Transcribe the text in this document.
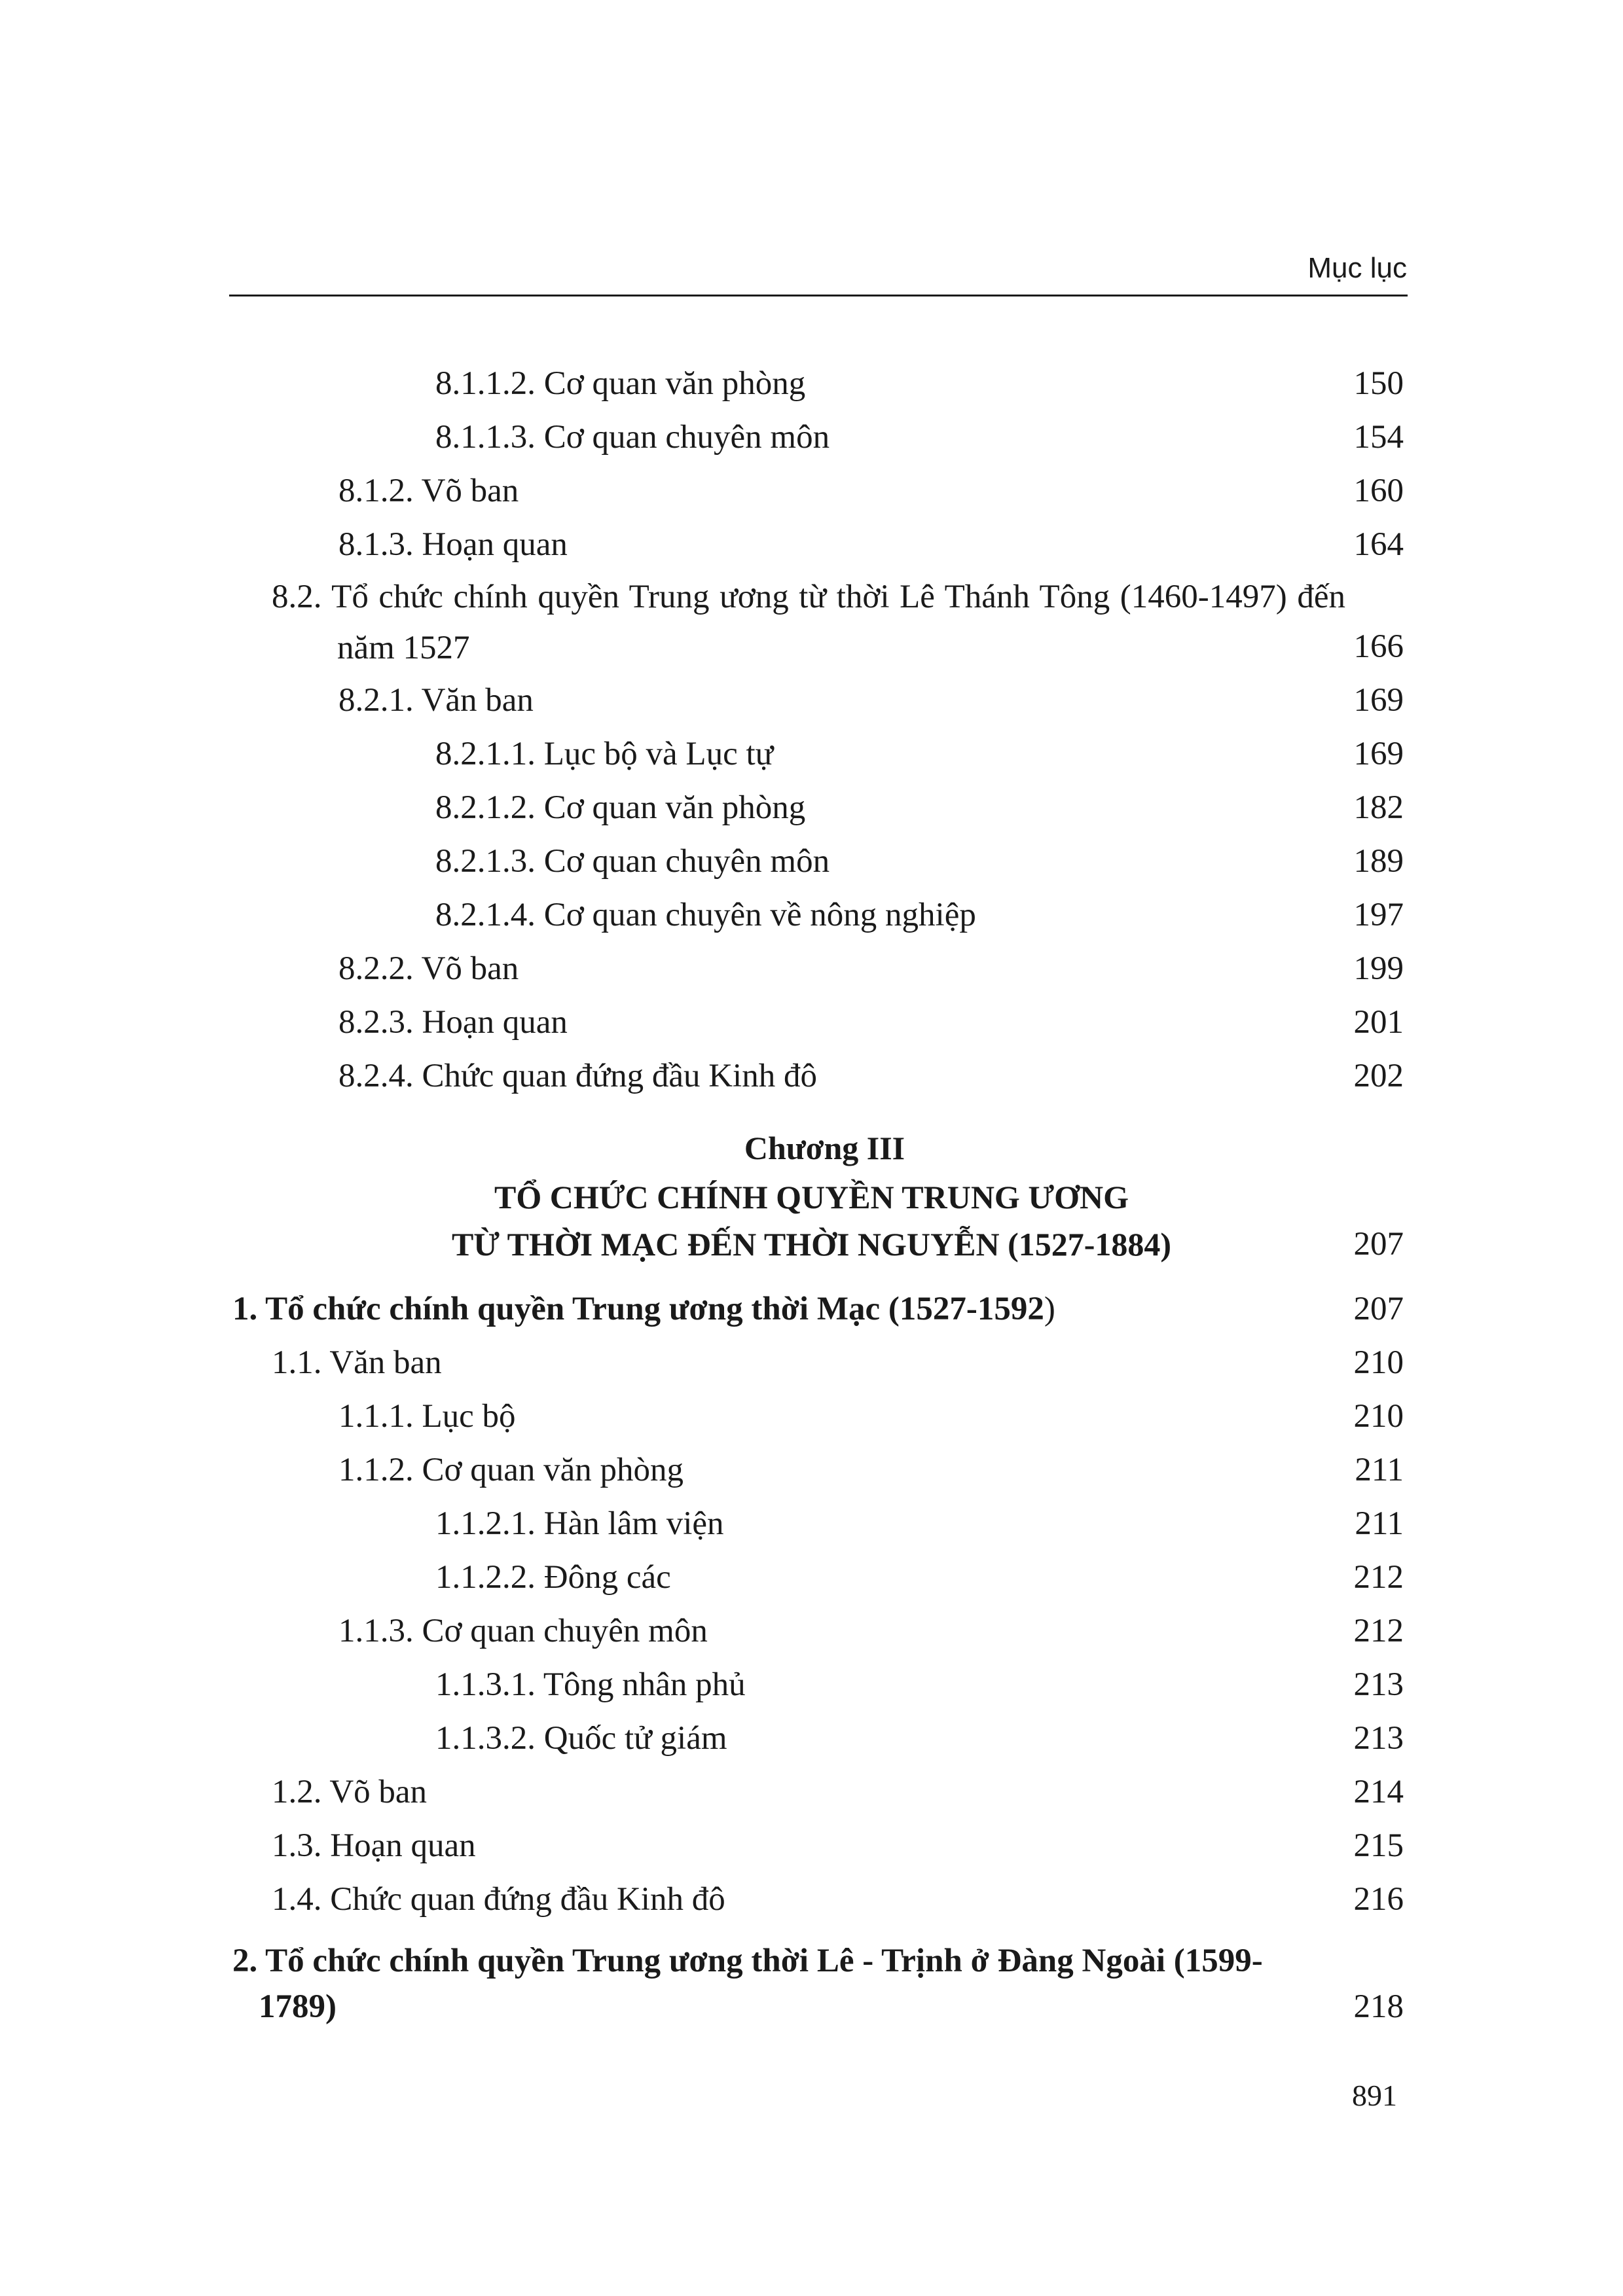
Mục lục
8.1.1.2. Cơ quan văn phòng	150
8.1.1.3. Cơ quan chuyên môn	154
8.1.2. Võ ban	160
8.1.3. Hoạn quan	164
8.2. Tổ chức chính quyền Trung ương từ thời Lê Thánh Tông (1460-1497) đến năm 1527	166
8.2.1. Văn ban	169
8.2.1.1. Lục bộ và Lục tự	169
8.2.1.2. Cơ quan văn phòng	182
8.2.1.3. Cơ quan chuyên môn	189
8.2.1.4. Cơ quan chuyên về nông nghiệp	197
8.2.2. Võ ban	199
8.2.3. Hoạn quan	201
8.2.4. Chức quan đứng đầu Kinh đô	202
Chương III
TỔ CHỨC CHÍNH QUYỀN TRUNG ƯƠNG
TỪ THỜI MẠC ĐẾN THỜI NGUYỄN (1527-1884)	207
1. Tổ chức chính quyền Trung ương thời Mạc (1527-1592)	207
1.1. Văn ban	210
1.1.1. Lục bộ	210
1.1.2. Cơ quan văn phòng	211
1.1.2.1. Hàn lâm viện	211
1.1.2.2. Đông các	212
1.1.3. Cơ quan chuyên môn	212
1.1.3.1. Tông nhân phủ	213
1.1.3.2. Quốc tử giám	213
1.2. Võ ban	214
1.3. Hoạn quan	215
1.4. Chức quan đứng đầu Kinh đô	216
2. Tổ chức chính quyền Trung ương thời Lê - Trịnh ở Đàng Ngoài (1599-1789)	218
891
